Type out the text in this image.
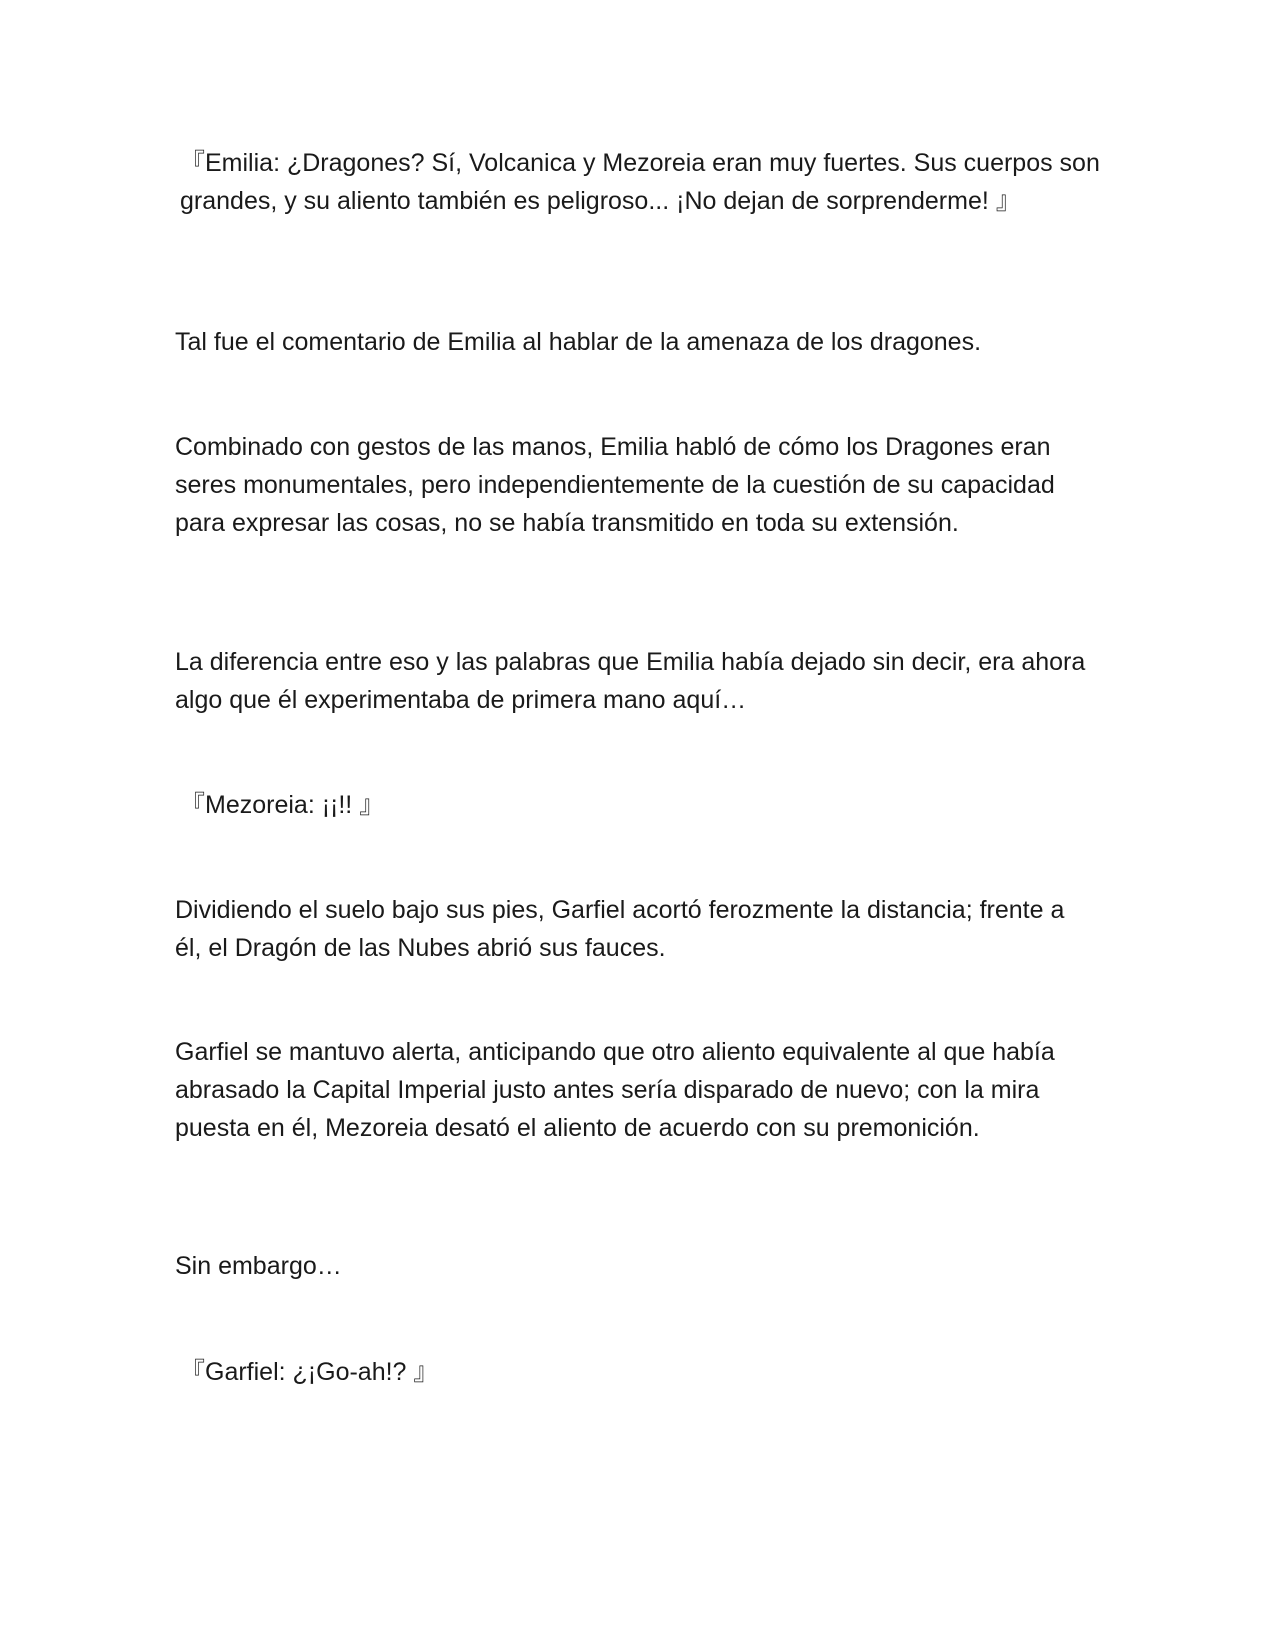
『Emilia: ¿Dragones? Sí, Volcanica y Mezoreia eran muy fuertes. Sus cuerpos son grandes, y su aliento también es peligroso... ¡No dejan de sorprenderme! 』

Tal fue el comentario de Emilia al hablar de la amenaza de los dragones.

Combinado con gestos de las manos, Emilia habló de cómo los Dragones eran seres monumentales, pero independientemente de la cuestión de su capacidad para expresar las cosas, no se había transmitido en toda su extensión.

La diferencia entre eso y las palabras que Emilia había dejado sin decir, era ahora algo que él experimentaba de primera mano aquí…

『Mezoreia: ¡¡!! 』

Dividiendo el suelo bajo sus pies, Garfiel acortó ferozmente la distancia; frente a él, el Dragón de las Nubes abrió sus fauces.

Garfiel se mantuvo alerta, anticipando que otro aliento equivalente al que había abrasado la Capital Imperial justo antes sería disparado de nuevo; con la mira puesta en él, Mezoreia desató el aliento de acuerdo con su premonición.

Sin embargo…

『Garfiel: ¿¡Go-ah!? 』
